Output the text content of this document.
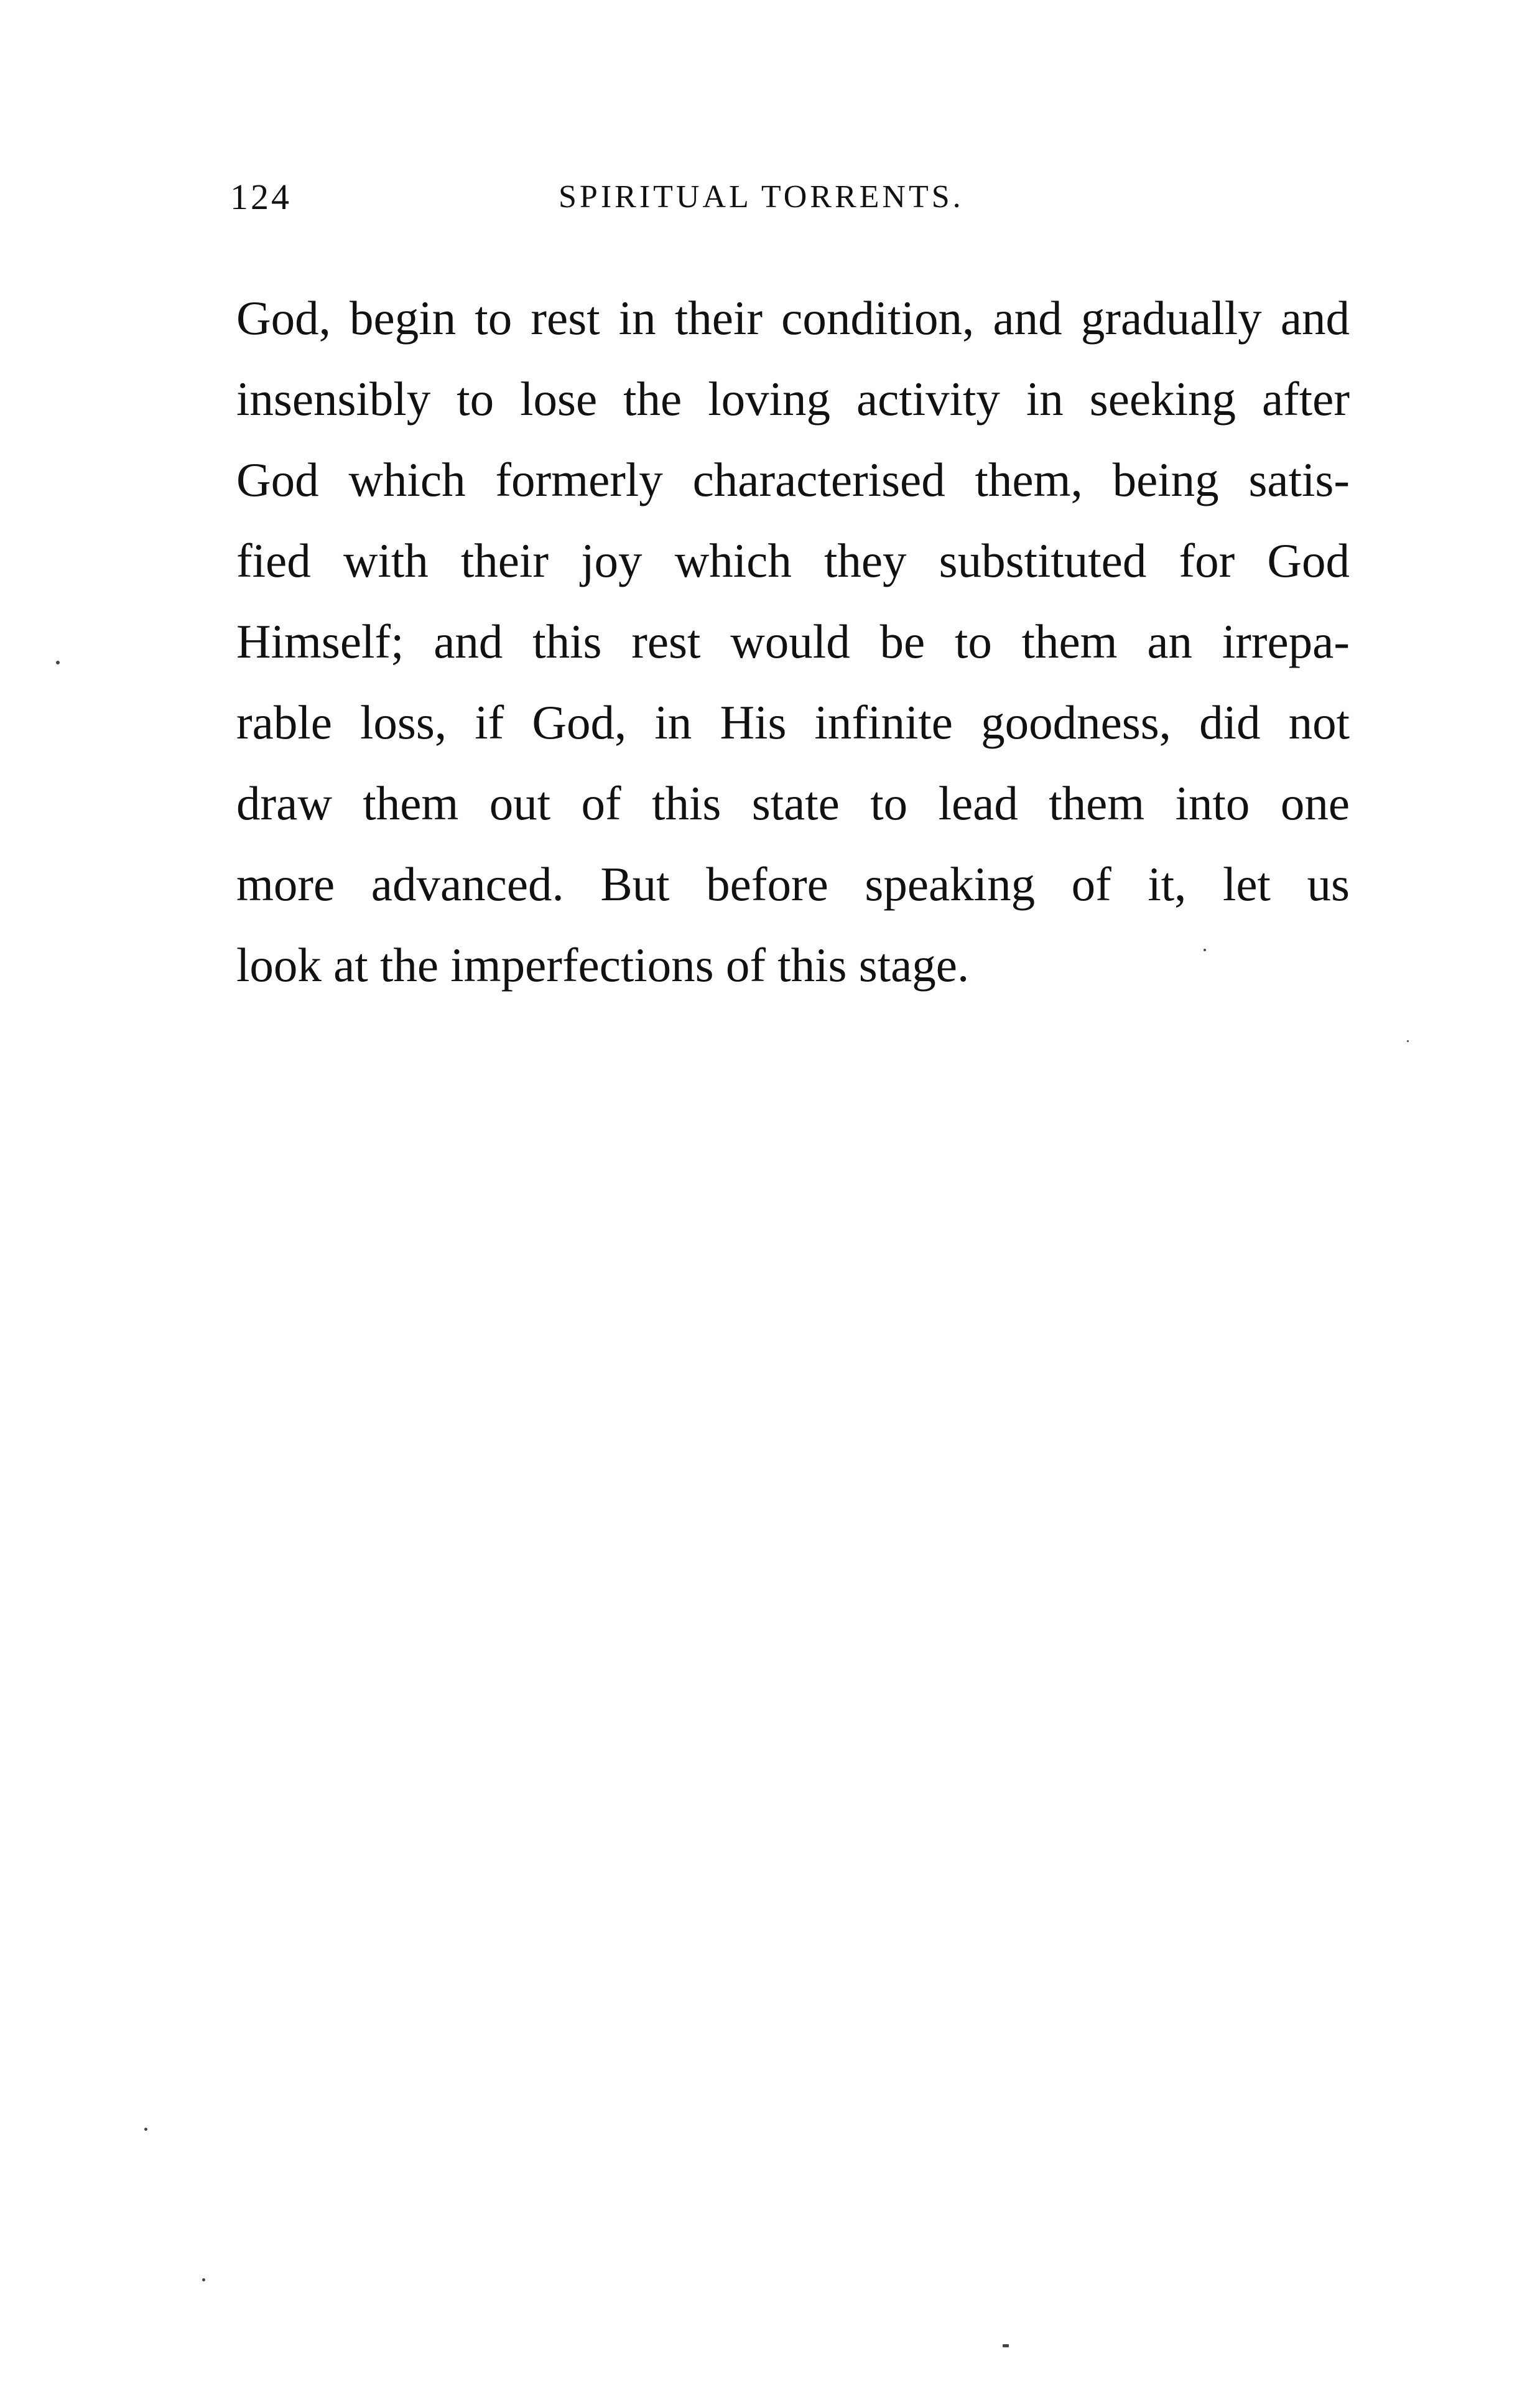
124	SPIRITUAL TORRENTS.

God, begin to rest in their condition, and gradually and
insensibly to lose the loving activity in seeking after
God which formerly characterised them, being satis-
fied with their joy which they substituted for God
Himself; and this rest would be to them an irrepa-
rable loss, if God, in His infinite goodness, did not
draw them out of this state to lead them into one
more advanced. But before speaking of it, let us
look at the imperfections of this stage.
